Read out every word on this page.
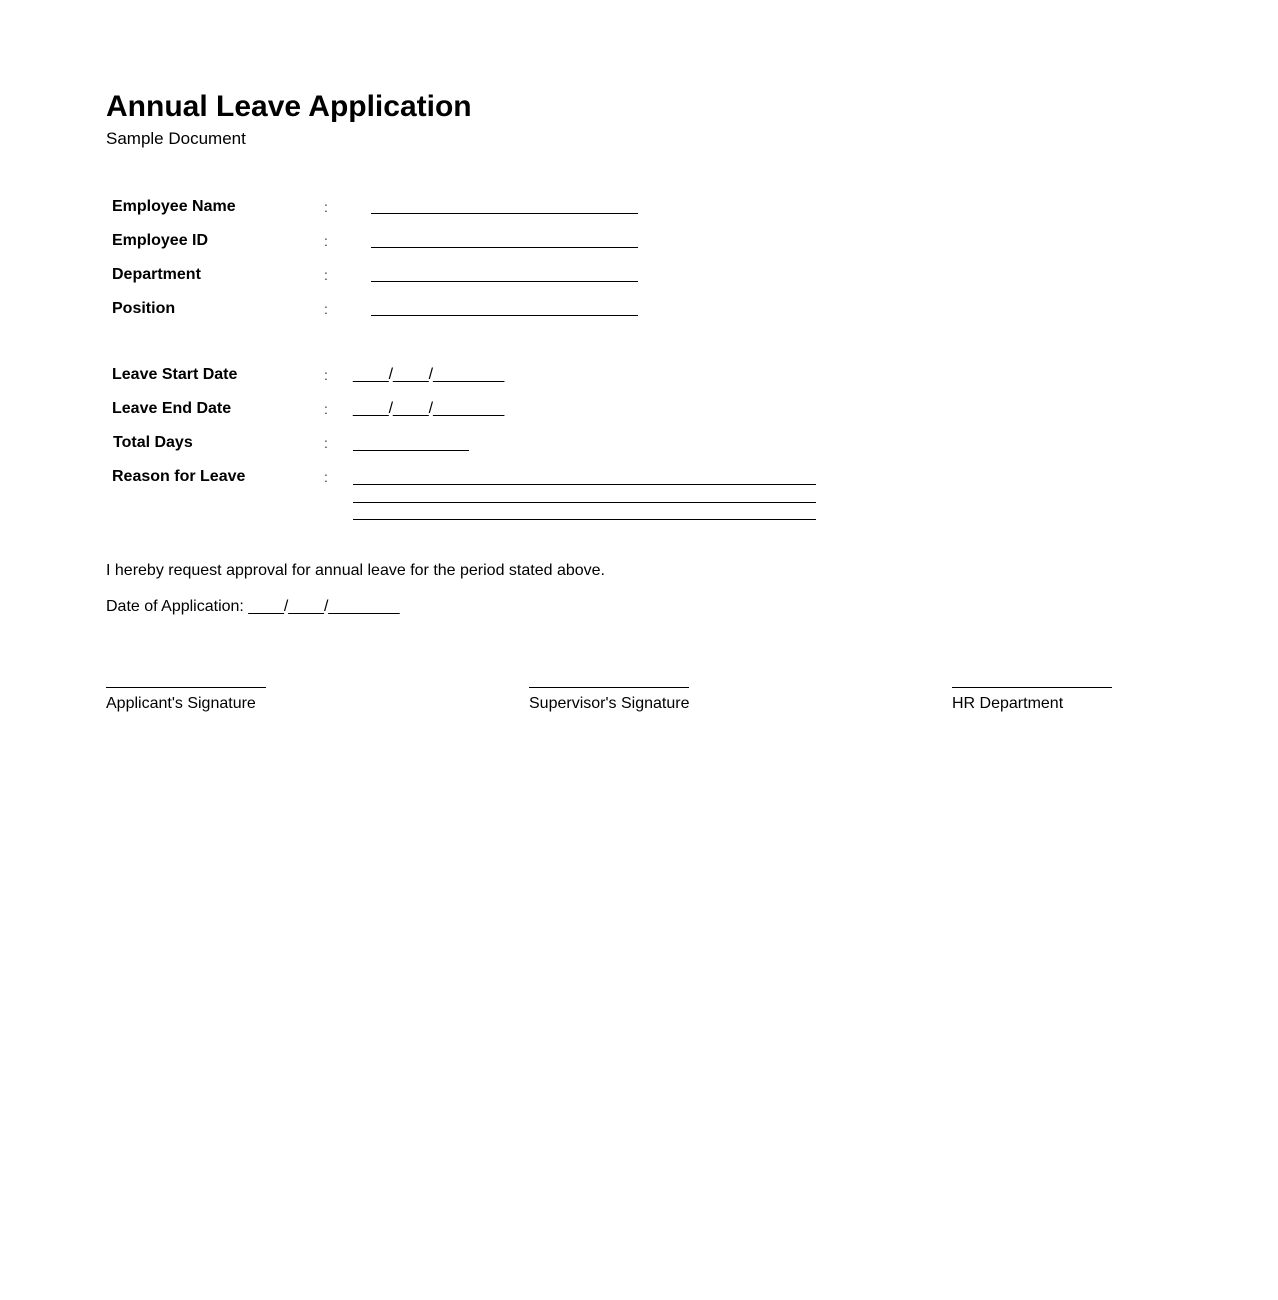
Annual Leave Application
Sample Document
Employee Name	:
Employee ID	:
Department	:
Position	:
Leave Start Date	: ____/____/________
Leave End Date	: ____/____/________
Total Days	:
Reason for Leave	:
I hereby request approval for annual leave for the period stated above.
Date of Application: ____/____/________
Applicant's Signature	Supervisor's Signature	HR Department
